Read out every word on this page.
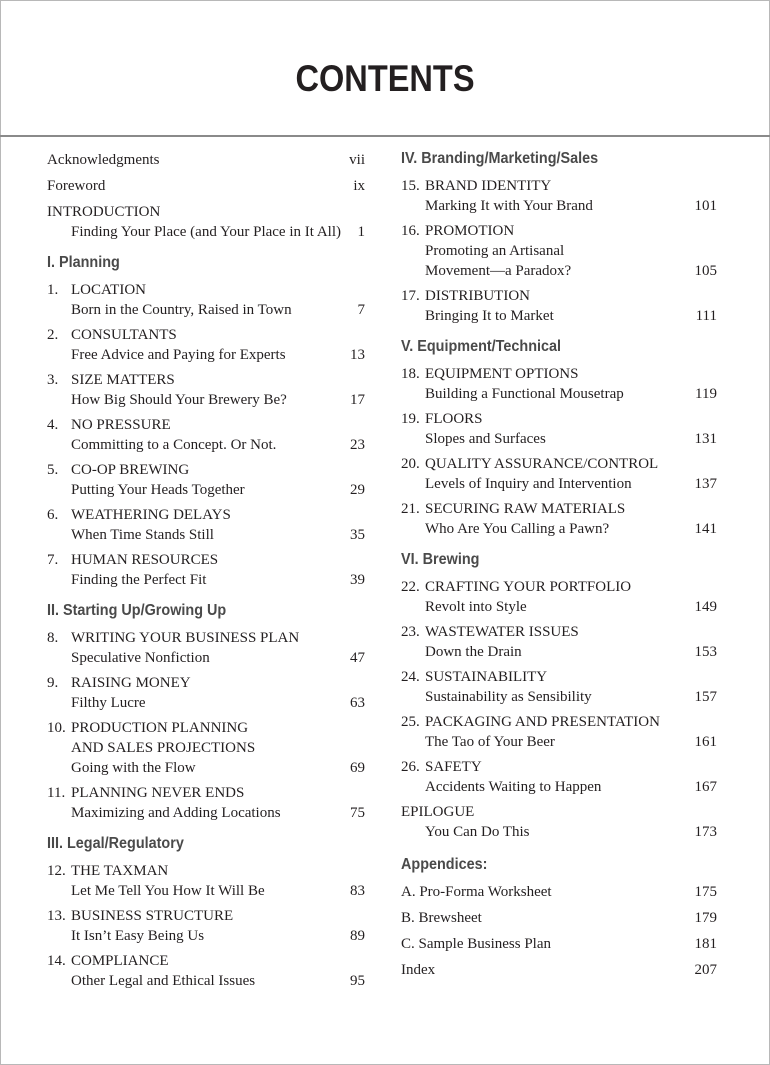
CONTENTS
Acknowledgments	vii
Foreword	ix
INTRODUCTION
Finding Your Place (and Your Place in It All) 1
I. Planning
1. LOCATION
Born in the Country, Raised in Town	7
2. CONSULTANTS
Free Advice and Paying for Experts	13
3. SIZE MATTERS
How Big Should Your Brewery Be?	17
4. NO PRESSURE
Committing to a Concept. Or Not.	23
5. CO-OP BREWING
Putting Your Heads Together	29
6. WEATHERING DELAYS
When Time Stands Still	35
7. HUMAN RESOURCES
Finding the Perfect Fit	39
II. Starting Up/Growing Up
8. WRITING YOUR BUSINESS PLAN
Speculative Nonfiction	47
9. RAISING MONEY
Filthy Lucre	63
10. PRODUCTION PLANNING
AND SALES PROJECTIONS
Going with the Flow	69
11. PLANNING NEVER ENDS
Maximizing and Adding Locations	75
III. Legal/Regulatory
12. THE TAXMAN
Let Me Tell You How It Will Be	83
13. BUSINESS STRUCTURE
It Isn’t Easy Being Us	89
14. COMPLIANCE
Other Legal and Ethical Issues	95
IV. Branding/Marketing/Sales
15. BRAND IDENTITY
Marking It with Your Brand	101
16. PROMOTION
Promoting an Artisanal
Movement—a Paradox?	105
17. DISTRIBUTION
Bringing It to Market	111
V. Equipment/Technical
18. EQUIPMENT OPTIONS
Building a Functional Mousetrap	119
19. FLOORS
Slopes and Surfaces	131
20. QUALITY ASSURANCE/CONTROL
Levels of Inquiry and Intervention	137
21. SECURING RAW MATERIALS
Who Are You Calling a Pawn?	141
VI. Brewing
22. CRAFTING YOUR PORTFOLIO
Revolt into Style	149
23. WASTEWATER ISSUES
Down the Drain	153
24. SUSTAINABILITY
Sustainability as Sensibility	157
25. PACKAGING AND PRESENTATION
The Tao of Your Beer	161
26. SAFETY
Accidents Waiting to Happen	167
EPILOGUE
You Can Do This	173
Appendices:
A. Pro-Forma Worksheet	175
B. Brewsheet	179
C. Sample Business Plan	181
Index	207
